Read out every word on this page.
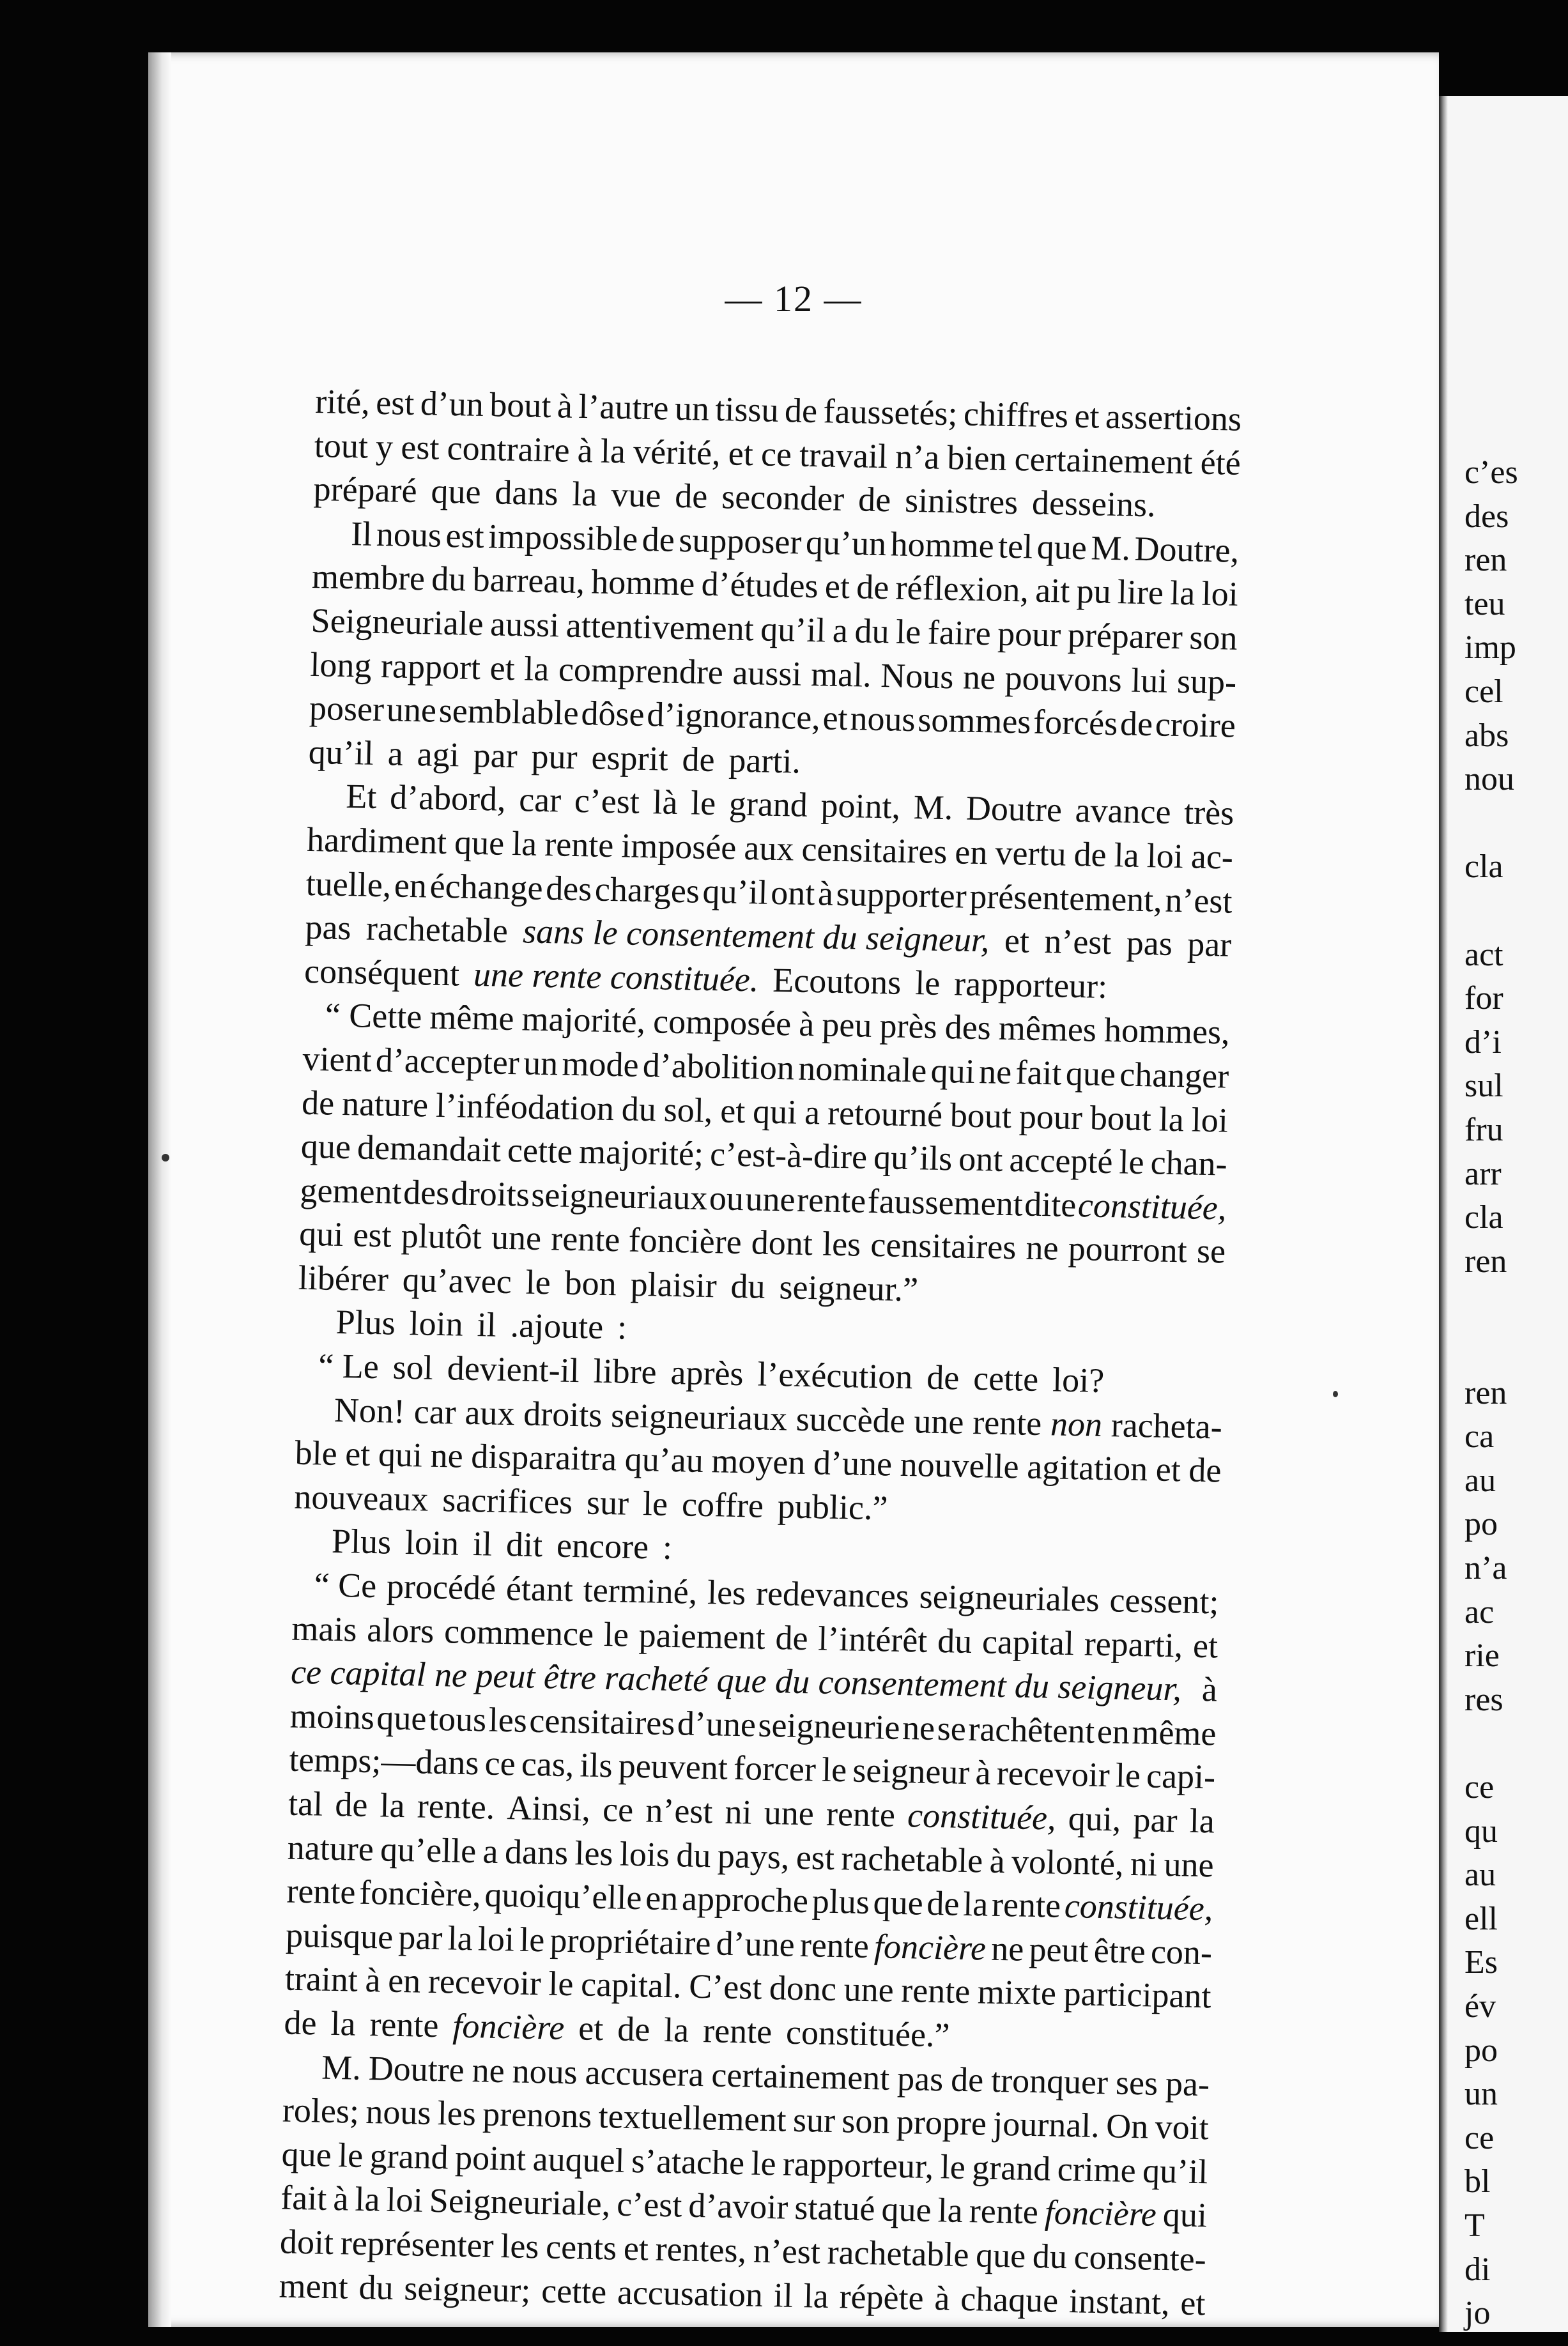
— 12 —
rité, est d’un bout à l’autre un tissu de faussetés; chiffres et assertions
tout y est contraire à la vérité, et ce travail n’a bien certainement été
préparé que dans la vue de seconder de sinistres desseins.
Il nous est impossible de supposer qu’un homme tel que M. Doutre,
membre du barreau, homme d’études et de réflexion, ait pu lire la loi
Seigneuriale aussi attentivement qu’il a du le faire pour préparer son
long rapport et la comprendre aussi mal. Nous ne pouvons lui sup-
poser une semblable dôse d’ignorance, et nous sommes forcés de croire
qu’il a agi par pur esprit de parti.
Et d’abord, car c’est là le grand point, M. Doutre avance très
hardiment que la rente imposée aux censitaires en vertu de la loi ac-
tuelle, en échange des charges qu’il ont à supporter présentement, n’est
pas rachetable sans le consentement du seigneur, et n’est pas par
conséquent une rente constituée. Ecoutons le rapporteur:
“ Cette même majorité, composée à peu près des mêmes hommes,
vient d’accepter un mode d’abolition nominale qui ne fait que changer
de nature l’inféodation du sol, et qui a retourné bout pour bout la loi
que demandait cette majorité; c’est-à-dire qu’ils ont accepté le chan-
gement des droits seigneuriaux ou une rente faussement dite constituée,
qui est plutôt une rente foncière dont les censitaires ne pourront se
libérer qu’avec le bon plaisir du seigneur.”
Plus loin il .ajoute :
“ Le sol devient-il libre après l’exécution de cette loi?
Non! car aux droits seigneuriaux succède une rente non racheta-
ble et qui ne disparaitra qu’au moyen d’une nouvelle agitation et de
nouveaux sacrifices sur le coffre public.”
Plus loin il dit encore :
“ Ce procédé étant terminé, les redevances seigneuriales cessent;
mais alors commence le paiement de l’intérêt du capital reparti, et
ce capital ne peut être racheté que du consentement du seigneur, à
moins que tous les censitaires d’une seigneurie ne se rachêtent en même
temps;—dans ce cas, ils peuvent forcer le seigneur à recevoir le capi-
tal de la rente. Ainsi, ce n’est ni une rente constituée, qui, par la
nature qu’elle a dans les lois du pays, est rachetable à volonté, ni une
rente foncière, quoiqu’elle en approche plus que de la rente constituée,
puisque par la loi le propriétaire d’une rente foncière ne peut être con-
traint à en recevoir le capital. C’est donc une rente mixte participant
de la rente foncière et de la rente constituée.”
M. Doutre ne nous accusera certainement pas de tronquer ses pa-
roles; nous les prenons textuellement sur son propre journal. On voit
que le grand point auquel s’atache le rapporteur, le grand crime qu’il
fait à la loi Seigneuriale, c’est d’avoir statué que la rente foncière qui
doit représenter les cents et rentes, n’est rachetable que du consente-
ment du seigneur; cette accusation il la répète à chaque instant, et
c’es
des
ren
teu
imp
cel
abs
nou
cla
act
for
d’i
sul
fru
arr
cla
ren
ren
ca
au
po
n’a
ac
rie
res
ce
qu
au
ell
Es
év
po
un
ce
bl
T
di
jo
